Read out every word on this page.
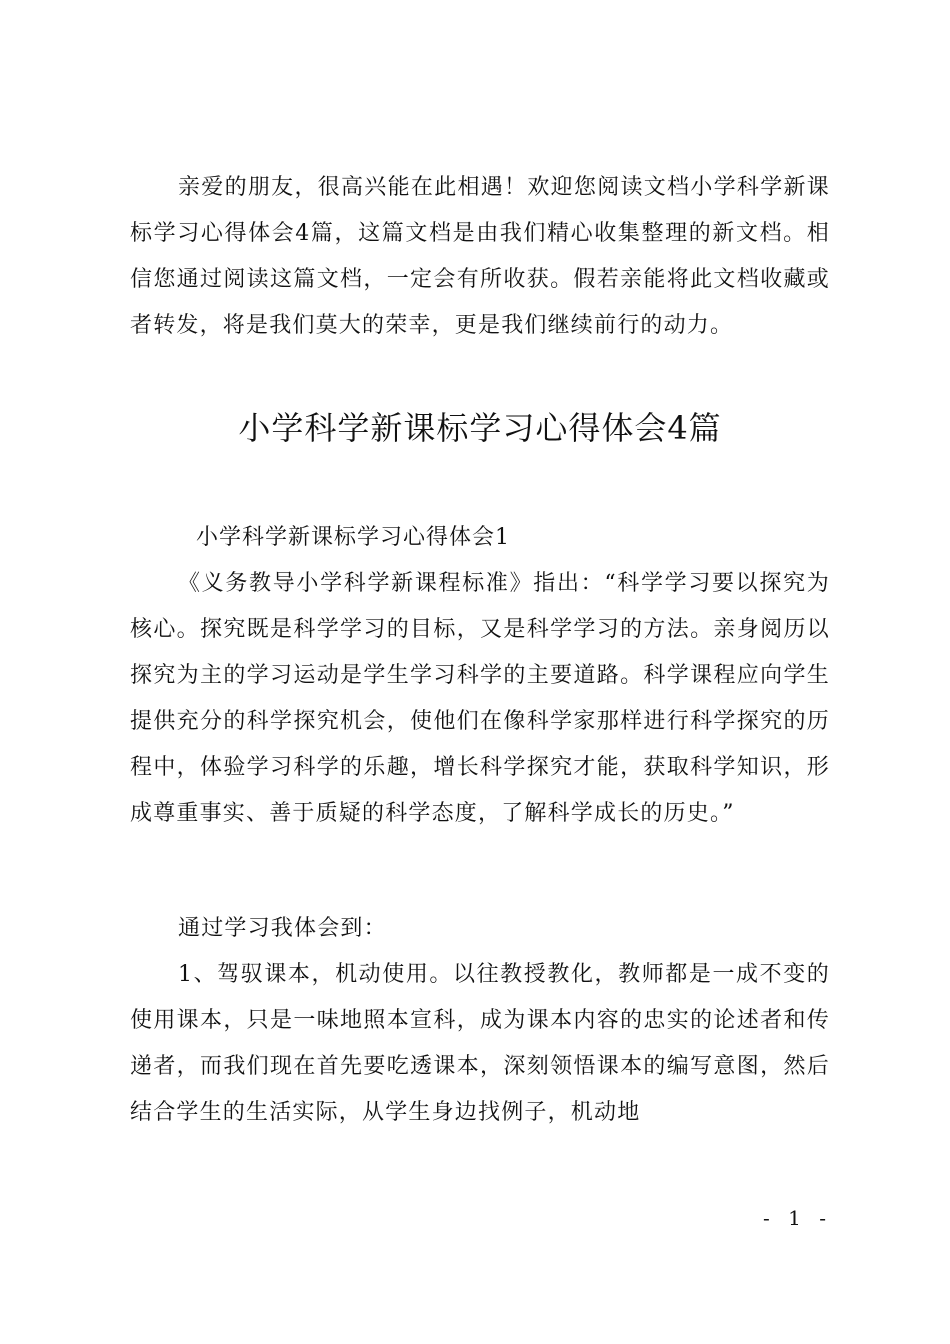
亲爱的朋友，很高兴能在此相遇！欢迎您阅读文档小学科学新课标学习心得体会4篇，这篇文档是由我们精心收集整理的新文档。相信您通过阅读这篇文档，一定会有所收获。假若亲能将此文档收藏或者转发，将是我们莫大的荣幸，更是我们继续前行的动力。

小学科学新课标学习心得体会4篇

小学科学新课标学习心得体会1

《义务教导小学科学新课程标准》指出：“科学学习要以探究为核心。探究既是科学学习的目标，又是科学学习的方法。亲身阅历以探究为主的学习运动是学生学习科学的主要道路。科学课程应向学生提供充分的科学探究机会，使他们在像科学家那样进行科学探究的历程中，体验学习科学的乐趣，增长科学探究才能，获取科学知识，形成尊重事实、善于质疑的科学态度，了解科学成长的历史。”

通过学习我体会到：

1、驾驭课本，机动使用。以往教授教化，教师都是一成不变的使用课本，只是一味地照本宣科，成为课本内容的忠实的论述者和传递者，而我们现在首先要吃透课本，深刻领悟课本的编写意图，然后结合学生的生活实际，从学生身边找例子，机动地

- 1 -
